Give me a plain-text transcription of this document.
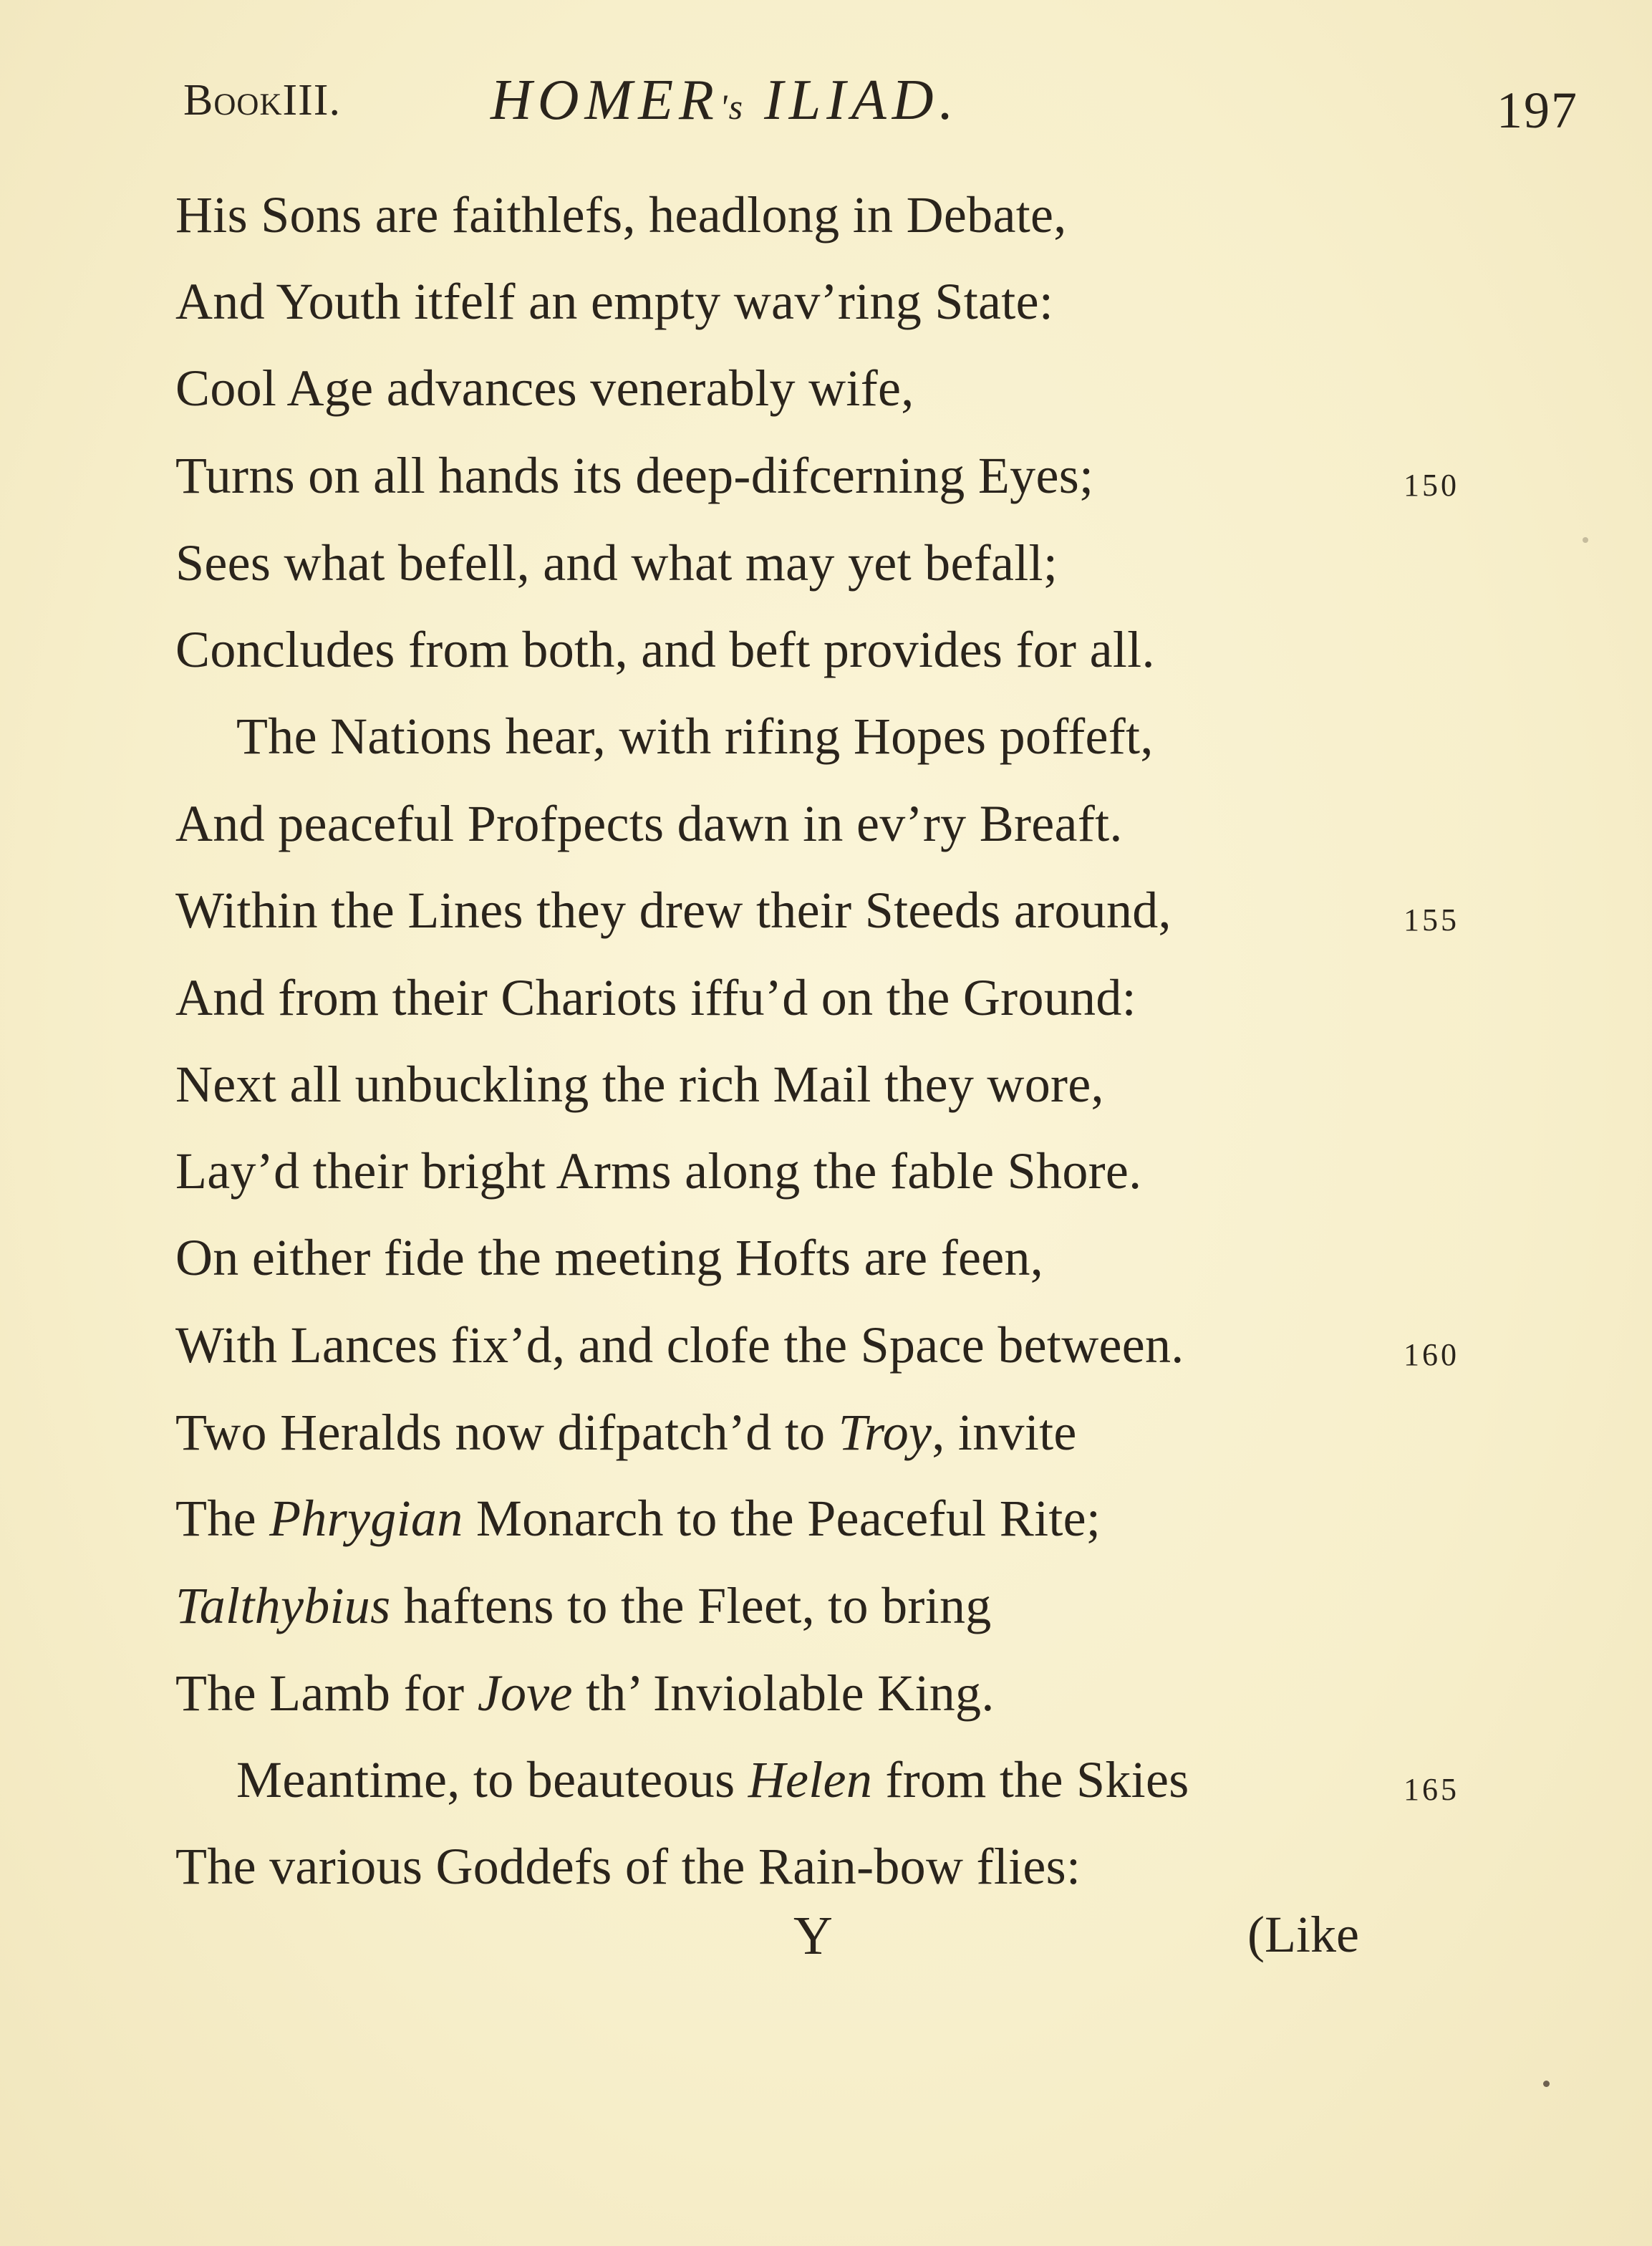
BookIII.	HOMER's ILIAD.	197
His Sons are faithlefs, headlong in Debate,
And Youth itfelf an empty wav’ring State:
Cool Age advances venerably wife,
Turns on all hands its deep-difcerning Eyes;	150
Sees what befell, and what may yet befall;
Concludes from both, and beft provides for all.
The Nations hear, with rifing Hopes poffeft,
And peaceful Profpects dawn in ev’ry Breaft.
Within the Lines they drew their Steeds around,	155
And from their Chariots iffu’d on the Ground:
Next all unbuckling the rich Mail they wore,
Lay’d their bright Arms along the fable Shore.
On either fide the meeting Hofts are feen,
With Lances fix’d, and clofe the Space between.	160
Two Heralds now difpatch’d to Troy, invite
The Phrygian Monarch to the Peaceful Rite;
Talthybius haftens to the Fleet, to bring
The Lamb for Jove th’ Inviolable King.
Meantime, to beauteous Helen from the Skies	165
The various Goddefs of the Rain-bow flies:
Y	(Like
